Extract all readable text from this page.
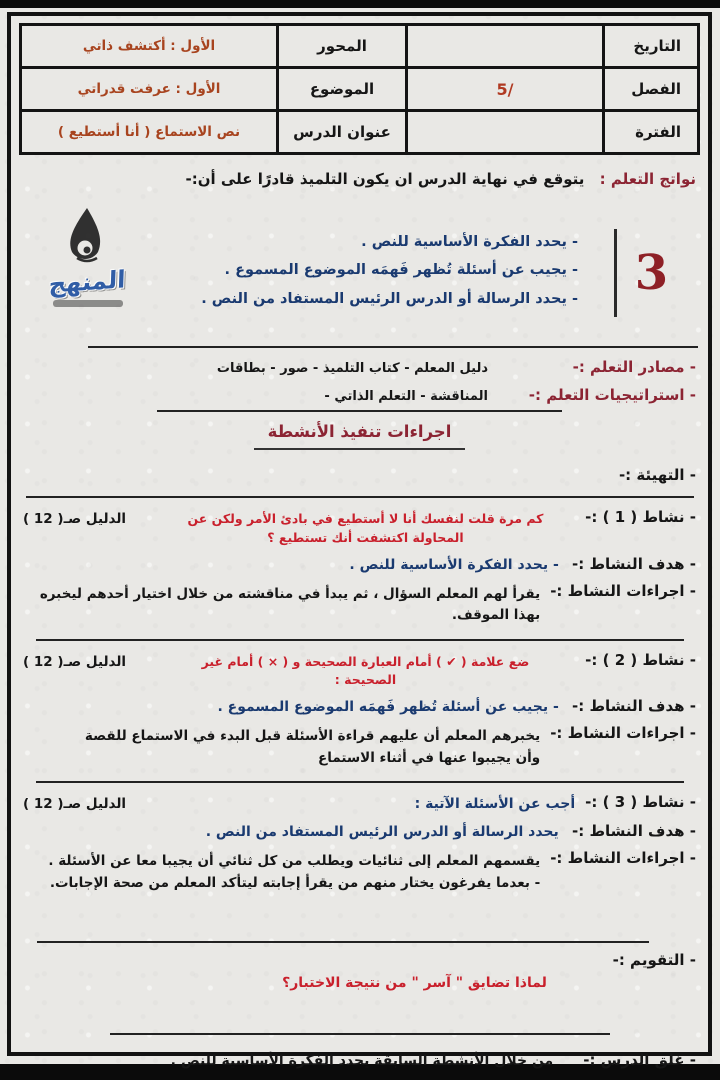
التاريخ
المحور
الأول : أكتشف ذاتي
الفصل
/5
الموضوع
الأول : عرفت قدراتي
الفترة
عنوان الدرس
نص الاستماع ( أنا أستطيع )
نواتج التعلم : يتوقع في نهاية الدرس ان يكون التلميذ قادرًا على أن:-
3
- يحدد الفكرة الأساسية للنص .
- يجيب عن أسئلة تُظهر فَهمَه الموضوع المسموع .
- يحدد الرسالة أو الدرس الرئيس المستفاد من النص .
المنهج
- مصادر التعلم :-
دليل المعلم - كتاب التلميذ - صور - بطاقات
- استراتيجيات التعلم :-
المناقشة - التعلم الذاتي -
اجراءات تنفيذ الأنشطة
- التهيئة :-
- نشاط ( 1 ) :-
كم مرة قلت لنفسك أنا لا أستطيع في بادئ الأمر ولكن عن المحاولة اكتشفت أنك تستطيع ؟
الدليل صـ( 12 )
- هدف النشاط :- - يحدد الفكرة الأساسية للنص .
- اجراءات النشاط :-
يقرأ لهم المعلم السؤال ، ثم يبدأ في مناقشته من خلال اختيار أحدهم ليخبره بهذا الموقف.
- نشاط ( 2 ) :-
ضع علامة ( ✔ ) أمام العبارة الصحيحة و ( × ) أمام غير الصحيحة :
الدليل صـ( 12 )
- هدف النشاط :- - يجيب عن أسئلة تُظهر فَهمَه الموضوع المسموع .
- اجراءات النشاط :-
يخبرهم المعلم أن عليهم قراءة الأسئلة قبل البدء في الاستماع للقصة وأن يجيبوا عنها في أثناء الاستماع
- نشاط ( 3 ) :-
أجب عن الأسئلة الآتية :
الدليل صـ( 12 )
- هدف النشاط :- يحدد الرسالة أو الدرس الرئيس المستفاد من النص .
- اجراءات النشاط :-
يقسمهم المعلم إلى ثنائيات ويطلب من كل ثنائي أن يجيبا معا عن الأسئلة .
- بعدما يفرغون يختار منهم من يقرأ إجابته ليتأكد المعلم من صحة الإجابات.
- التقويم :-
لماذا تضايق " آسر " من نتيجة الاختبار؟
- غلق الدرس :-
من خلال الأنشطة السابقة يحدد الفكرة الأساسية للنص .
